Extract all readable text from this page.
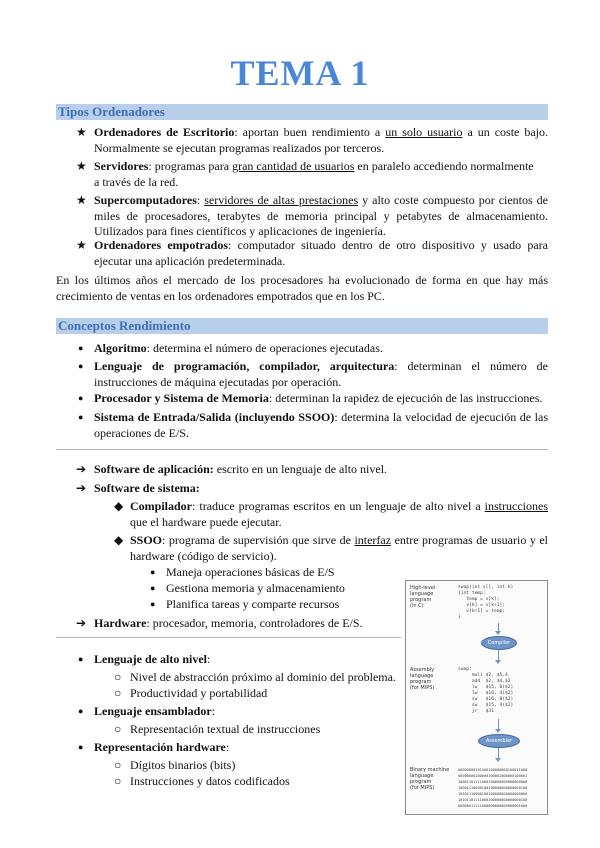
TEMA 1
Tipos Ordenadores
★ Ordenadores de Escritorio: aportan buen rendimiento a un solo usuario a un coste bajo.
Normalmente se ejecutan programas realizados por terceros.
★ Servidores: programas para gran cantidad de usuarios en paralelo accediendo normalmente
a través de la red.
★ Supercomputadores: servidores de altas prestaciones y alto coste compuesto por cientos de
miles de procesadores, terabytes de memoria principal y petabytes de almacenamiento.
Utilizados para fines científicos y aplicaciones de ingeniería.
★ Ordenadores empotrados: computador situado dentro de otro dispositivo y usado para
ejecutar una aplicación predeterminada.
En los últimos años el mercado de los procesadores ha evolucionado de forma en que hay más
crecimiento de ventas en los ordenadores empotrados que en los PC.
Conceptos Rendimiento
● Algoritmo: determina el número de operaciones ejecutadas.
● Lenguaje de programación, compilador, arquitectura: determinan el número de
instrucciones de máquina ejecutadas por operación.
● Procesador y Sistema de Memoria: determinan la rapidez de ejecución de las instrucciones.
● Sistema de Entrada/Salida (incluyendo SSOO): determina la velocidad de ejecución de las
operaciones de E/S.
➔ Software de aplicación: escrito en un lenguaje de alto nivel.
➔ Software de sistema:
◆ Compilador: traduce programas escritos en un lenguaje de alto nivel a instrucciones
que el hardware puede ejecutar.
◆ SSOO: programa de supervisión que sirve de interfaz entre programas de usuario y el
hardware (código de servicio).
● Maneja operaciones básicas de E/S
● Gestiona memoria y almacenamiento
● Planifica tareas y comparte recursos
➔ Hardware: procesador, memoria, controladores de E/S.
● Lenguaje de alto nivel:
○ Nivel de abstracción próximo al dominio del problema.
○ Productividad y portabilidad
● Lenguaje ensamblador:
○ Representación textual de instrucciones
● Representación hardware:
○ Dígitos binarios (bits)
○ Instrucciones y datos codificados
High-level
language
program
(in C)
swap(int v[], int k)
{int temp;
temp = v[k];
v[k] = v[k+1];
v[k+1] = temp;
}
Compiler
Assembly
language
program
(for MIPS)
swap:
muli $2, $5,4
add  $2, $4,$2
lw   $15, 0($2)
lw   $16, 4($2)
sw   $16, 0($2)
sw   $15, 4($2)
jr   $31
Assembler
Binary machine
language
program
(for MIPS)
00000000101000100000000100011000
00000000100000100001000000100001
10001101111000100000000000000000
10001110000100100000000000000100
10101110000100100000000000000000
10101101111000100000000000000100
00000011111000000000000000001000
